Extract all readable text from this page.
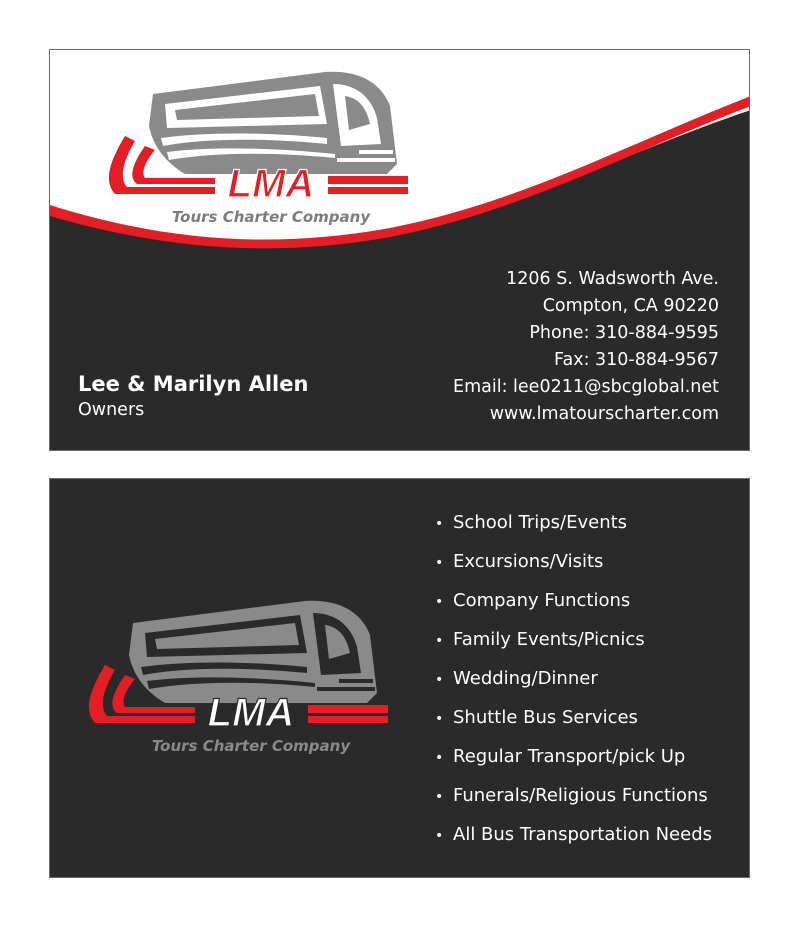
LMA
Tours Charter Company
1206 S. Wadsworth Ave.
Compton, CA 90220
Phone: 310-884-9595
Fax: 310-884-9567
Email: lee0211@sbcglobal.net
www.lmatourscharter.com
Lee & Marilyn Allen
Owners
LMA
Tours Charter Company
• School Trips/Events
• Excursions/Visits
• Company Functions
• Family Events/Picnics
• Wedding/Dinner
• Shuttle Bus Services
• Regular Transport/pick Up
• Funerals/Religious Functions
• All Bus Transportation Needs
